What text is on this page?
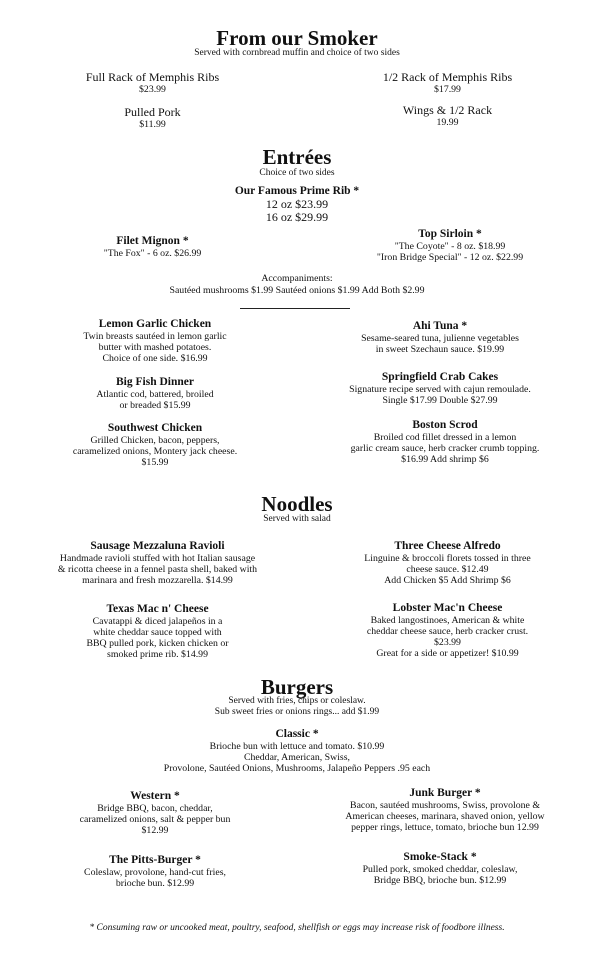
From our Smoker
Served with cornbread muffin and choice of two sides
Full Rack of Memphis Ribs
$23.99
1/2 Rack of Memphis Ribs
$17.99
Pulled Pork
$11.99
Wings & 1/2 Rack
19.99
Entrées
Choice of two sides
Our Famous Prime Rib *
12 oz $23.99
16 oz $29.99
Filet Mignon *
"The Fox" - 6 oz. $26.99
Top Sirloin *
"The Coyote" - 8 oz. $18.99
"Iron Bridge Special" - 12 oz. $22.99
Accompaniments:
Sautéed mushrooms $1.99 Sautéed onions $1.99 Add Both $2.99
Lemon Garlic Chicken
Twin breasts sautéed in lemon garlic
butter with mashed potatoes.
Choice of one side. $16.99
Ahi Tuna *
Sesame-seared tuna, julienne vegetables
in sweet Szechaun sauce. $19.99
Big Fish Dinner
Atlantic cod, battered, broiled
or breaded $15.99
Springfield Crab Cakes
Signature recipe served with cajun remoulade.
Single $17.99 Double $27.99
Southwest Chicken
Grilled Chicken, bacon, peppers,
caramelized onions, Montery jack cheese.
$15.99
Boston Scrod
Broiled cod fillet dressed in a lemon
garlic cream sauce, herb cracker crumb topping.
$16.99 Add shrimp $6
Noodles
Served with salad
Sausage Mezzaluna Ravioli
Handmade ravioli stuffed with hot Italian sausage
& ricotta cheese in a fennel pasta shell, baked with
marinara and fresh mozzarella. $14.99
Three Cheese Alfredo
Linguine & broccoli florets tossed in three
cheese sauce. $12.49
Add Chicken $5 Add Shrimp $6
Texas Mac n' Cheese
Cavatappi & diced jalapeños in a
white cheddar sauce topped with
BBQ pulled pork, kicken chicken or
smoked prime rib. $14.99
Lobster Mac'n Cheese
Baked langostinoes, American & white
cheddar cheese sauce, herb cracker crust.
$23.99
Great for a side or appetizer! $10.99
Burgers
Served with fries, chips or coleslaw.
Sub sweet fries or onions rings... add $1.99
Classic *
Brioche bun with lettuce and tomato. $10.99
Cheddar, American, Swiss,
Provolone, Sautéed Onions, Mushrooms, Jalapeño Peppers .95 each
Western *
Bridge BBQ, bacon, cheddar,
caramelized onions, salt & pepper bun
$12.99
Junk Burger *
Bacon, sautéed mushrooms, Swiss, provolone &
American cheeses, marinara, shaved onion, yellow
pepper rings, lettuce, tomato, brioche bun 12.99
The Pitts-Burger *
Coleslaw, provolone, hand-cut fries,
brioche bun. $12.99
Smoke-Stack *
Pulled pork, smoked cheddar, coleslaw,
Bridge BBQ, brioche bun. $12.99
* Consuming raw or uncooked meat, poultry, seafood, shellfish or eggs may increase risk of foodbore illness.
